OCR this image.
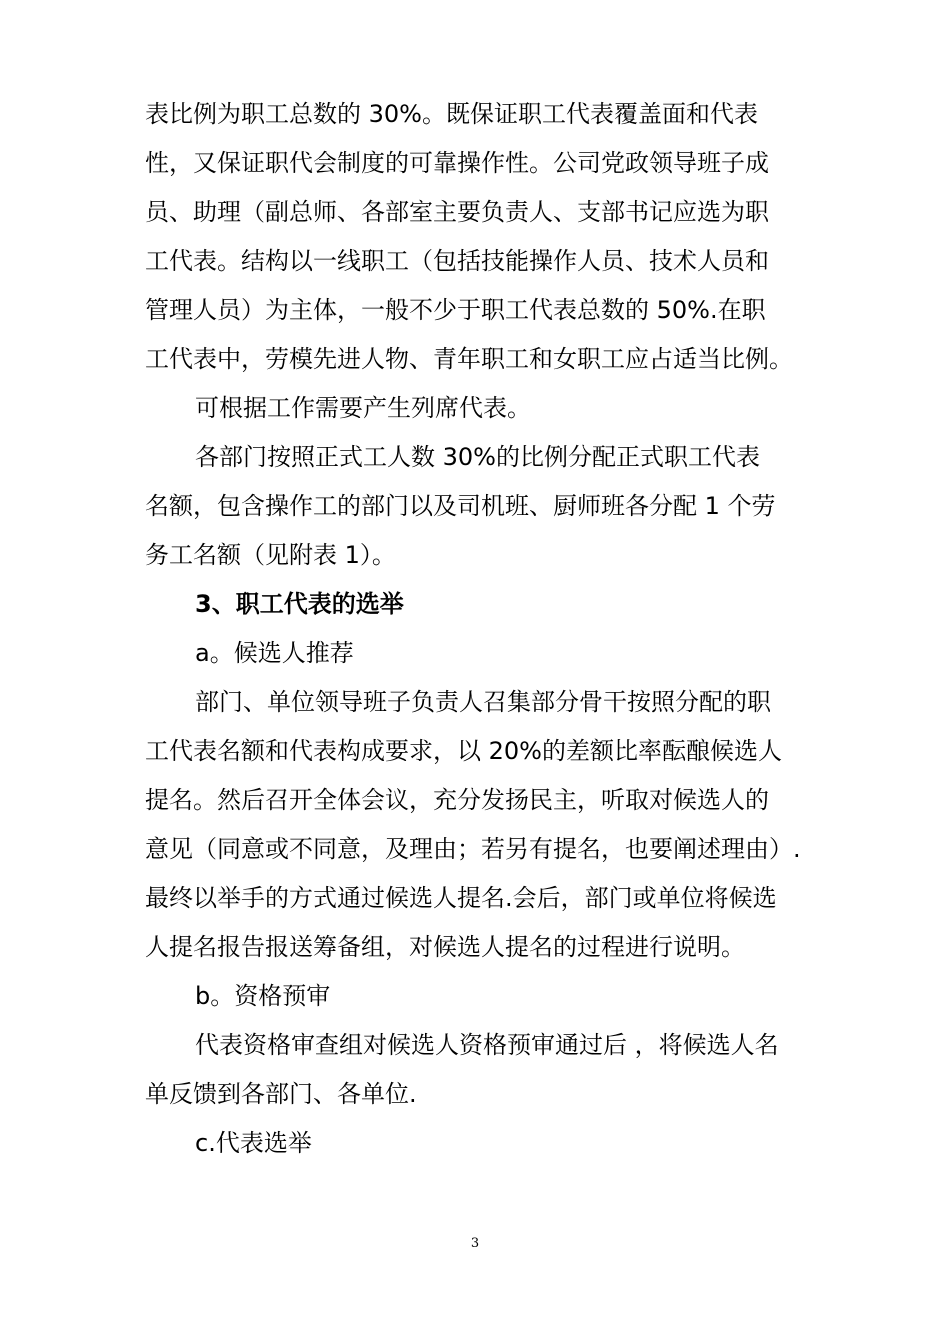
表比例为职工总数的 30%。既保证职工代表覆盖面和代表
性，又保证职代会制度的可靠操作性。公司党政领导班子成
员、助理（副总师、各部室主要负责人、支部书记应选为职
工代表。结构以一线职工（包括技能操作人员、技术人员和
管理人员）为主体，一般不少于职工代表总数的 50%.在职
工代表中，劳模先进人物、青年职工和女职工应占适当比例。
可根据工作需要产生列席代表。
各部门按照正式工人数 30%的比例分配正式职工代表
名额，包含操作工的部门以及司机班、厨师班各分配 1 个劳
务工名额（见附表 1）。
3、职工代表的选举
a。候选人推荐
部门、单位领导班子负责人召集部分骨干按照分配的职
工代表名额和代表构成要求，以 20%的差额比率酝酿候选人
提名。然后召开全体会议，充分发扬民主，听取对候选人的
意见（同意或不同意，及理由；若另有提名，也要阐述理由）.
最终以举手的方式通过候选人提名.会后，部门或单位将候选
人提名报告报送筹备组，对候选人提名的过程进行说明。
b。资格预审
代表资格审查组对候选人资格预审通过后 ，将候选人名
单反馈到各部门、各单位.
c.代表选举
3
